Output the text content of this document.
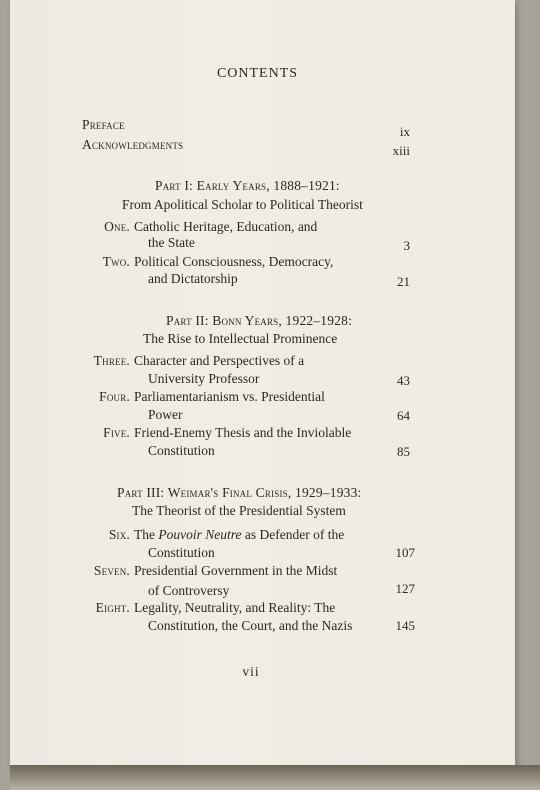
CONTENTS
Preface	ix
Acknowledgments	xiii
Part I: Early Years, 1888–1921:
From Apolitical Scholar to Political Theorist
One. Catholic Heritage, Education, and
the State	3
Two. Political Consciousness, Democracy,
and Dictatorship	21
Part II: Bonn Years, 1922–1928:
The Rise to Intellectual Prominence
Three. Character and Perspectives of a
University Professor	43
Four. Parliamentarianism vs. Presidential
Power	64
Five. Friend-Enemy Thesis and the Inviolable
Constitution	85
Part III: Weimar's Final Crisis, 1929–1933:
The Theorist of the Presidential System
Six. The Pouvoir Neutre as Defender of the
Constitution	107
Seven. Presidential Government in the Midst
of Controversy	127
Eight. Legality, Neutrality, and Reality: The
Constitution, the Court, and the Nazis	145
vii
